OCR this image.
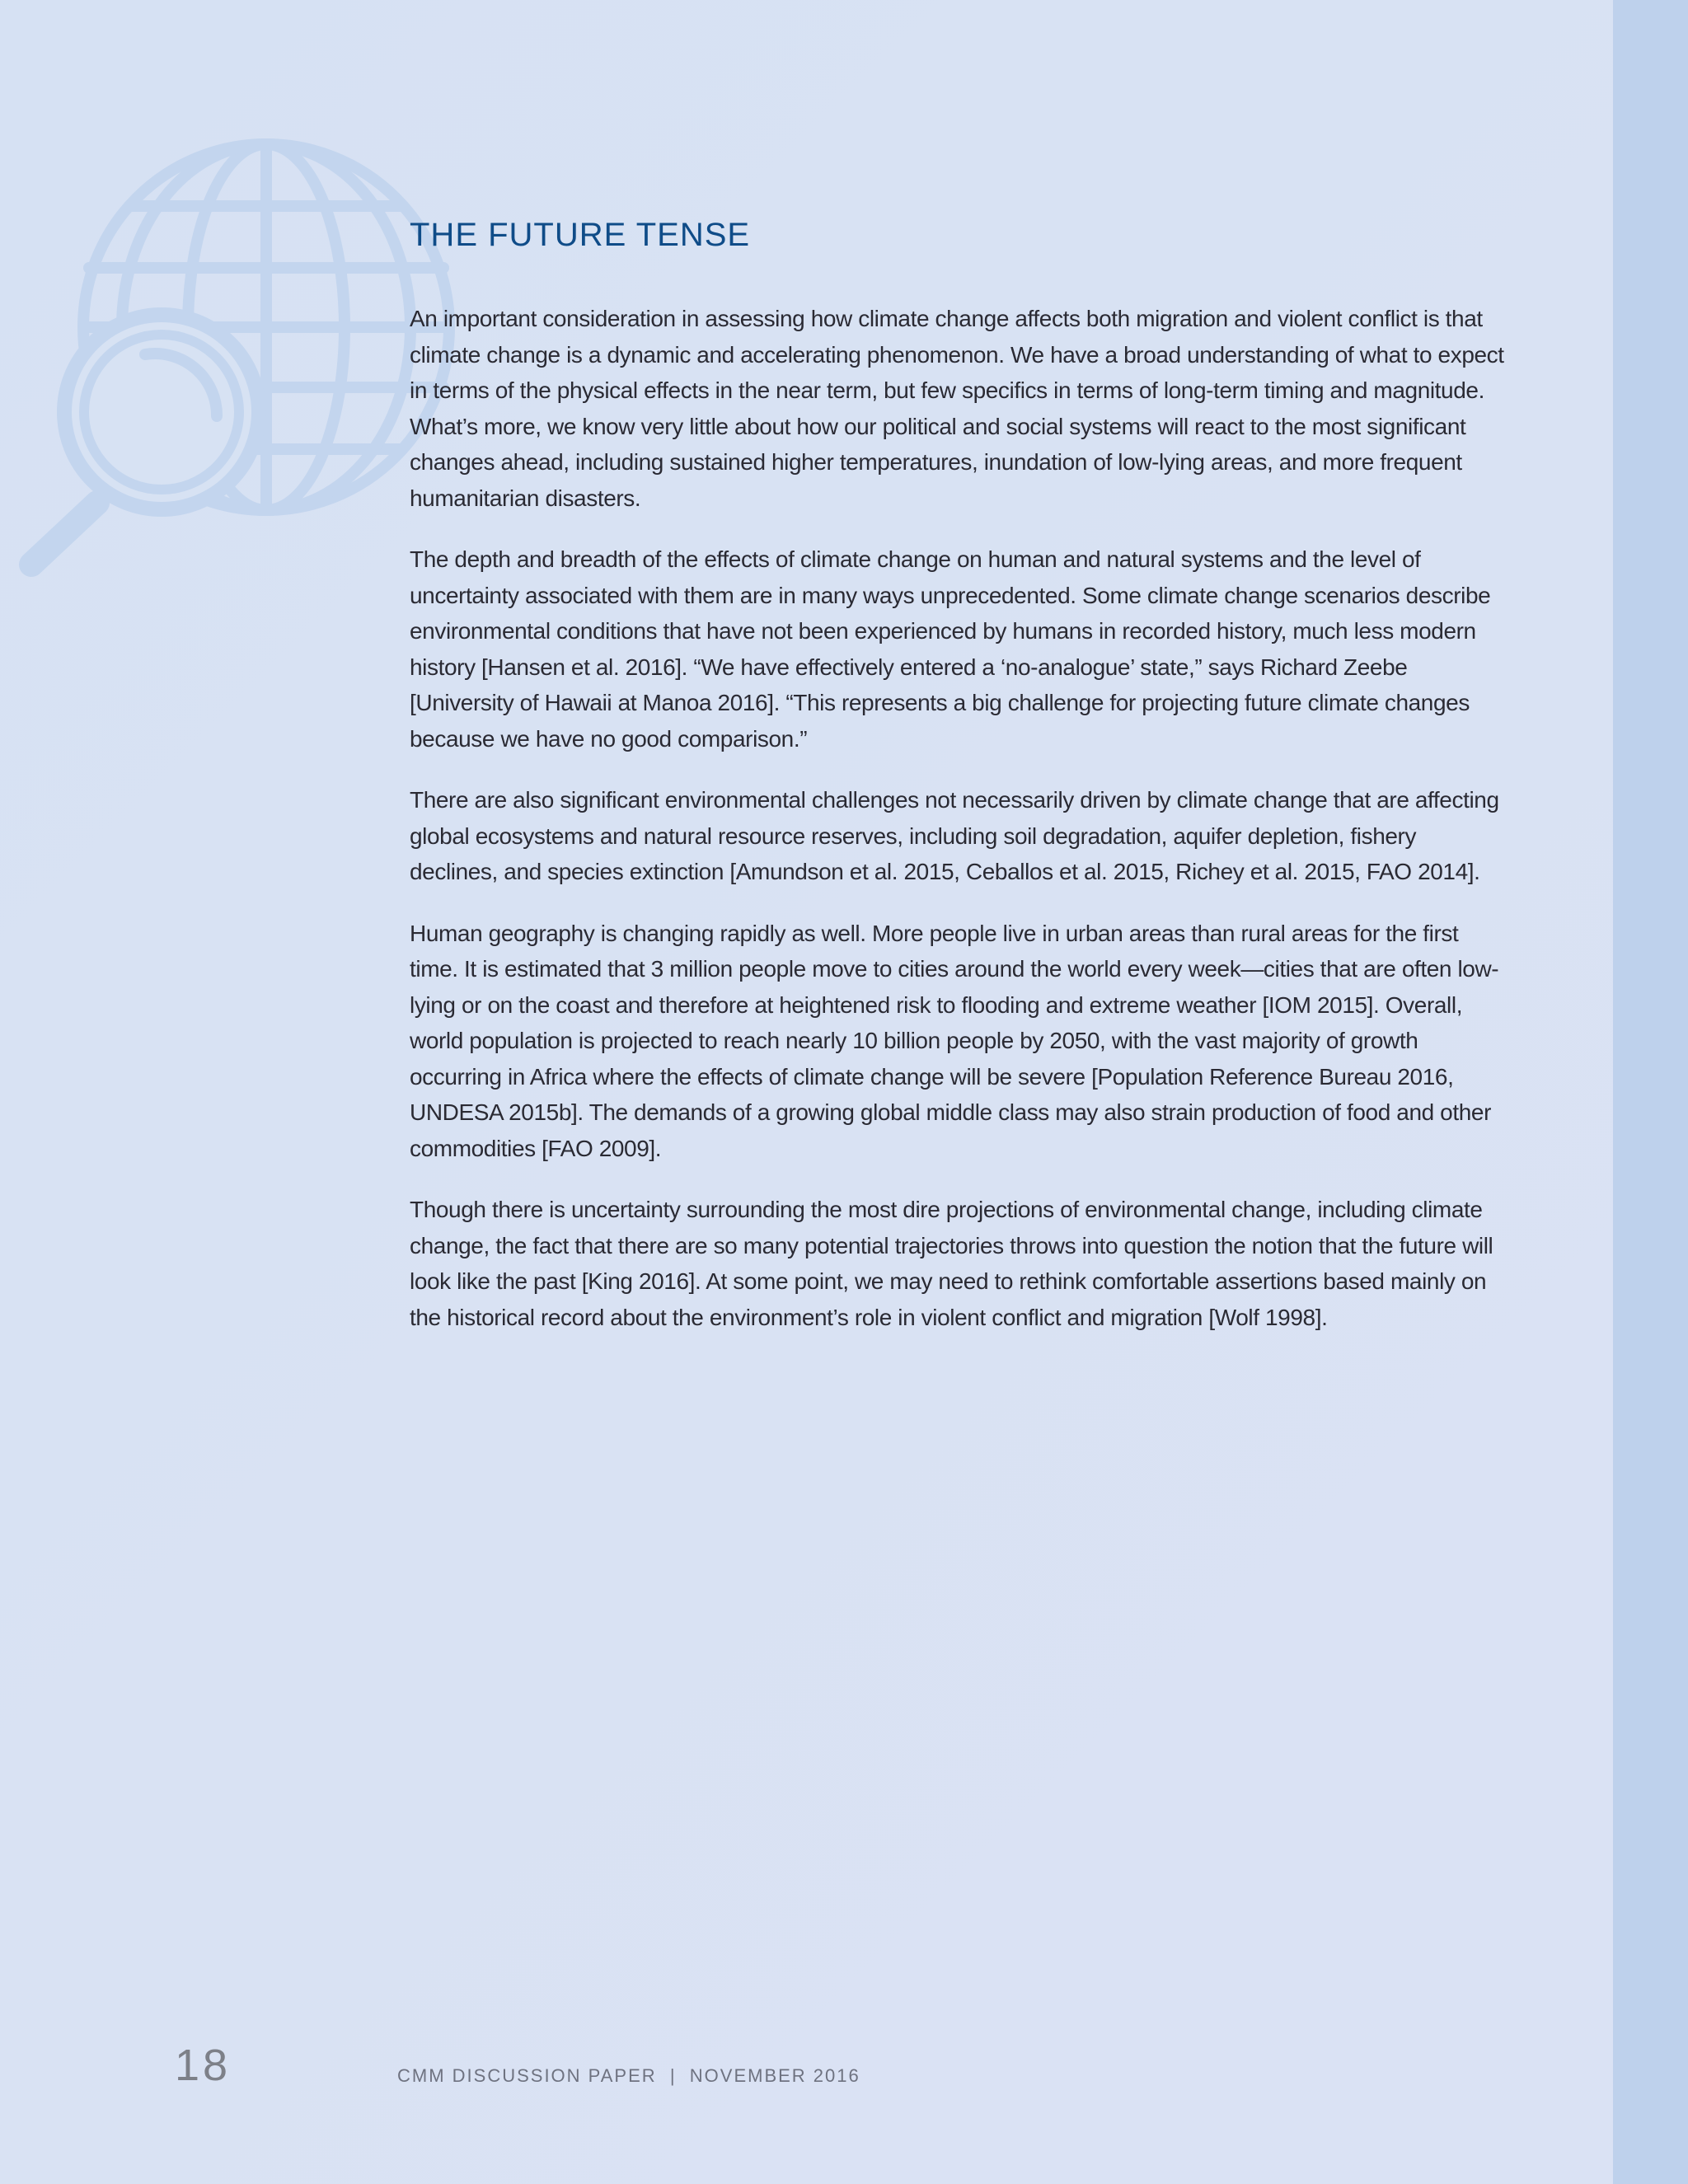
THE FUTURE TENSE

An important consideration in assessing how climate change affects both migration and violent conflict is that climate change is a dynamic and accelerating phenomenon. We have a broad understanding of what to expect in terms of the physical effects in the near term, but few specifics in terms of long-term timing and magnitude. What’s more, we know very little about how our political and social systems will react to the most significant changes ahead, including sustained higher temperatures, inundation of low-lying areas, and more frequent humanitarian disasters.

The depth and breadth of the effects of climate change on human and natural systems and the level of uncertainty associated with them are in many ways unprecedented. Some climate change scenarios describe environmental conditions that have not been experienced by humans in recorded history, much less modern history [Hansen et al. 2016]. “We have effectively entered a ‘no-analogue’ state,” says Richard Zeebe [University of Hawaii at Manoa 2016]. “This represents a big challenge for projecting future climate changes because we have no good comparison.”

There are also significant environmental challenges not necessarily driven by climate change that are affecting global ecosystems and natural resource reserves, including soil degradation, aquifer depletion, fishery declines, and species extinction [Amundson et al. 2015, Ceballos et al. 2015, Richey et al. 2015, FAO 2014].

Human geography is changing rapidly as well. More people live in urban areas than rural areas for the first time. It is estimated that 3 million people move to cities around the world every week—cities that are often low-lying or on the coast and therefore at heightened risk to flooding and extreme weather [IOM 2015]. Overall, world population is projected to reach nearly 10 billion people by 2050, with the vast majority of growth occurring in Africa where the effects of climate change will be severe [Population Reference Bureau 2016, UNDESA 2015b]. The demands of a growing global middle class may also strain production of food and other commodities [FAO 2009].

Though there is uncertainty surrounding the most dire projections of environmental change, including climate change, the fact that there are so many potential trajectories throws into question the notion that the future will look like the past [King 2016]. At some point, we may need to rethink comfortable assertions based mainly on the historical record about the environment’s role in violent conflict and migration [Wolf 1998].

18	CMM DISCUSSION PAPER  |  NOVEMBER 2016
